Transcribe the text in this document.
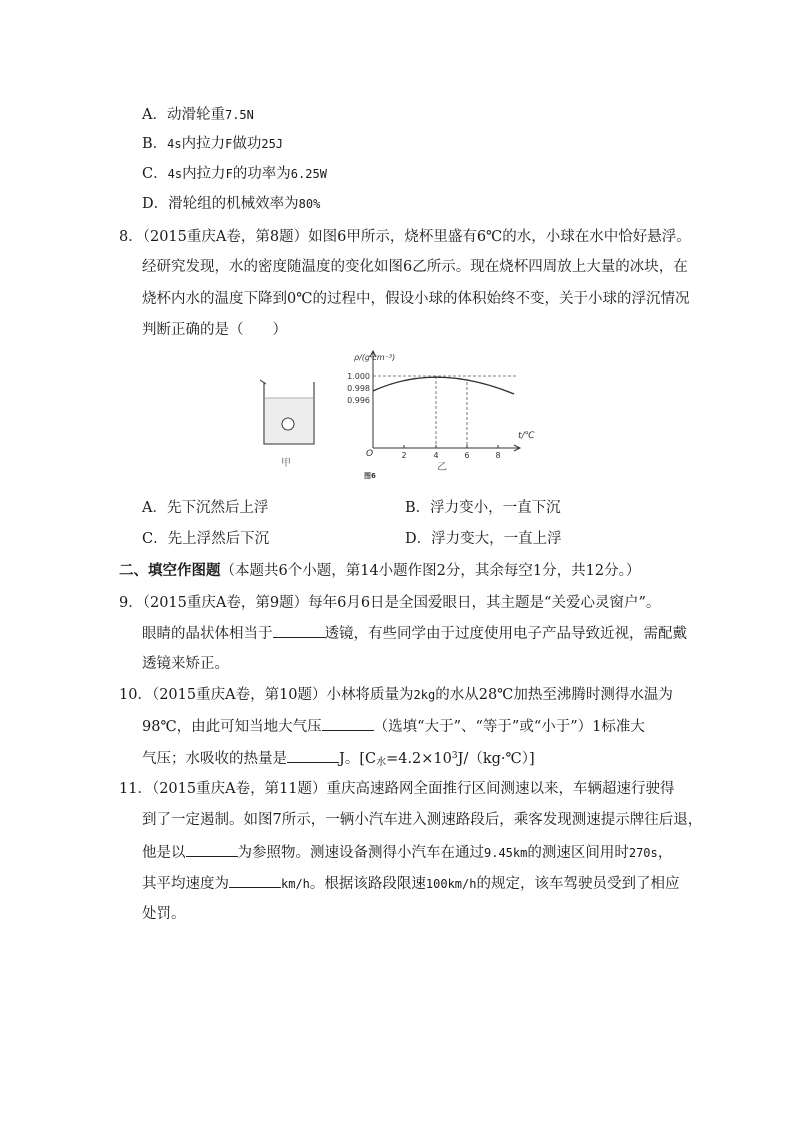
A．动滑轮重7.5N
B．4s内拉力F做功25J
C．4s内拉力F的功率为6.25W
D．滑轮组的机械效率为80%
8．（2015重庆A卷，第8题）如图6甲所示，烧杯里盛有6℃的水，小球在水中恰好悬浮。
经研究发现，水的密度随温度的变化如图6乙所示。现在烧杯四周放上大量的冰块，在
烧杯内水的温度下降到0℃的过程中，假设小球的体积始终不变，关于小球的浮沉情况
判断正确的是（　　）
甲
ρ/(g·cm⁻³)
1.000
0.998
0.996
O	2	4	6	8
t/℃
乙
图6
A．先下沉然后上浮	B．浮力变小，一直下沉
C．先上浮然后下沉	D．浮力变大，一直上浮
二、填空作图题（本题共6个小题，第14小题作图2分，其余每空1分，共12分。）
9．（2015重庆A卷，第9题）每年6月6日是全国爱眼日，其主题是“关爱心灵窗户”。
眼睛的晶状体相当于	透镜，有些同学由于过度使用电子产品导致近视，需配戴
透镜来矫正。
10．（2015重庆A卷，第10题）小林将质量为2kg的水从28℃加热至沸腾时测得水温为
98℃，由此可知当地大气压	（选填“大于”、“等于”或“小于”）1标准大
气压；水吸收的热量是	J。$[C_水=4.2\times 10^3J/(kg\cdot℃)]$
11．（2015重庆A卷，第11题）重庆高速路网全面推行区间测速以来，车辆超速行驶得
到了一定遏制。如图7所示，一辆小汽车进入测速路段后，乘客发现测速提示牌往后退，
他是以	为参照物。测速设备测得小汽车在通过9.45km的测速区间用时270s，
其平均速度为	km/h。根据该路段限速100km/h的规定，该车驾驶员受到了相应
处罚。
